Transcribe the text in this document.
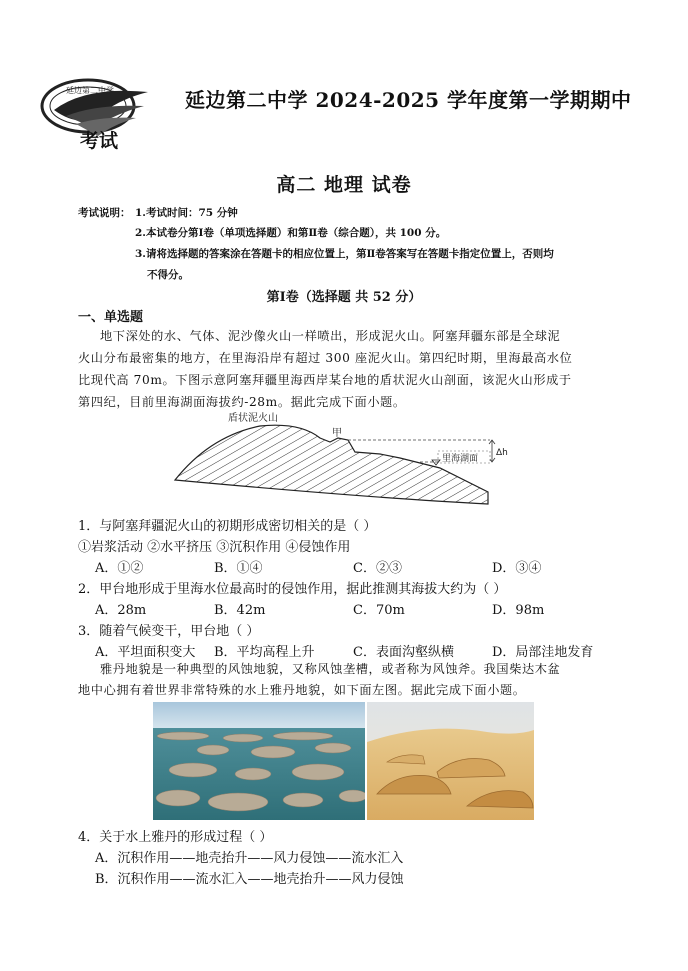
延边第二中学	延边第二中学 2024-2025 学年度第一学期期中
考试
高二 地理 试卷
考试说明： 1.考试时间：75 分钟
2.本试卷分第Ⅰ卷（单项选择题）和第Ⅱ卷（综合题），共 100 分。
3.请将选择题的答案涂在答题卡的相应位置上，第Ⅱ卷答案写在答题卡指定位置上，否则均
不得分。
第Ⅰ卷（选择题 共 52 分）
一、单选题
地下深处的水、气体、泥沙像火山一样喷出，形成泥火山。阿塞拜疆东部是全球泥
火山分布最密集的地方，在里海沿岸有超过 300 座泥火山。第四纪时期，里海最高水位
比现代高 70m。下图示意阿塞拜疆里海西岸某台地的盾状泥火山剖面，该泥火山形成于
第四纪，目前里海湖面海拔约-28m。据此完成下面小题。
盾状泥火山
甲
里海湖面
Δh
1．与阿塞拜疆泥火山的初期形成密切相关的是（ ）
①岩浆活动 ②水平挤压 ③沉积作用 ④侵蚀作用
A．①②	B．①④	C．②③	D．③④
2．甲台地形成于里海水位最高时的侵蚀作用，据此推测其海拔大约为（ ）
A．28m	B．42m	C．70m	D．98m
3．随着气候变干，甲台地（ ）
A．平坦面积变大 B．平均高程上升	C．表面沟壑纵横	D．局部洼地发育
雅丹地貌是一种典型的风蚀地貌，又称风蚀垄槽，或者称为风蚀斧。我国柴达木盆
地中心拥有着世界非常特殊的水上雅丹地貌，如下面左图。据此完成下面小题。
4．关于水上雅丹的形成过程（ ）
A．沉积作用——地壳抬升——风力侵蚀——流水汇入
B．沉积作用——流水汇入——地壳抬升——风力侵蚀
